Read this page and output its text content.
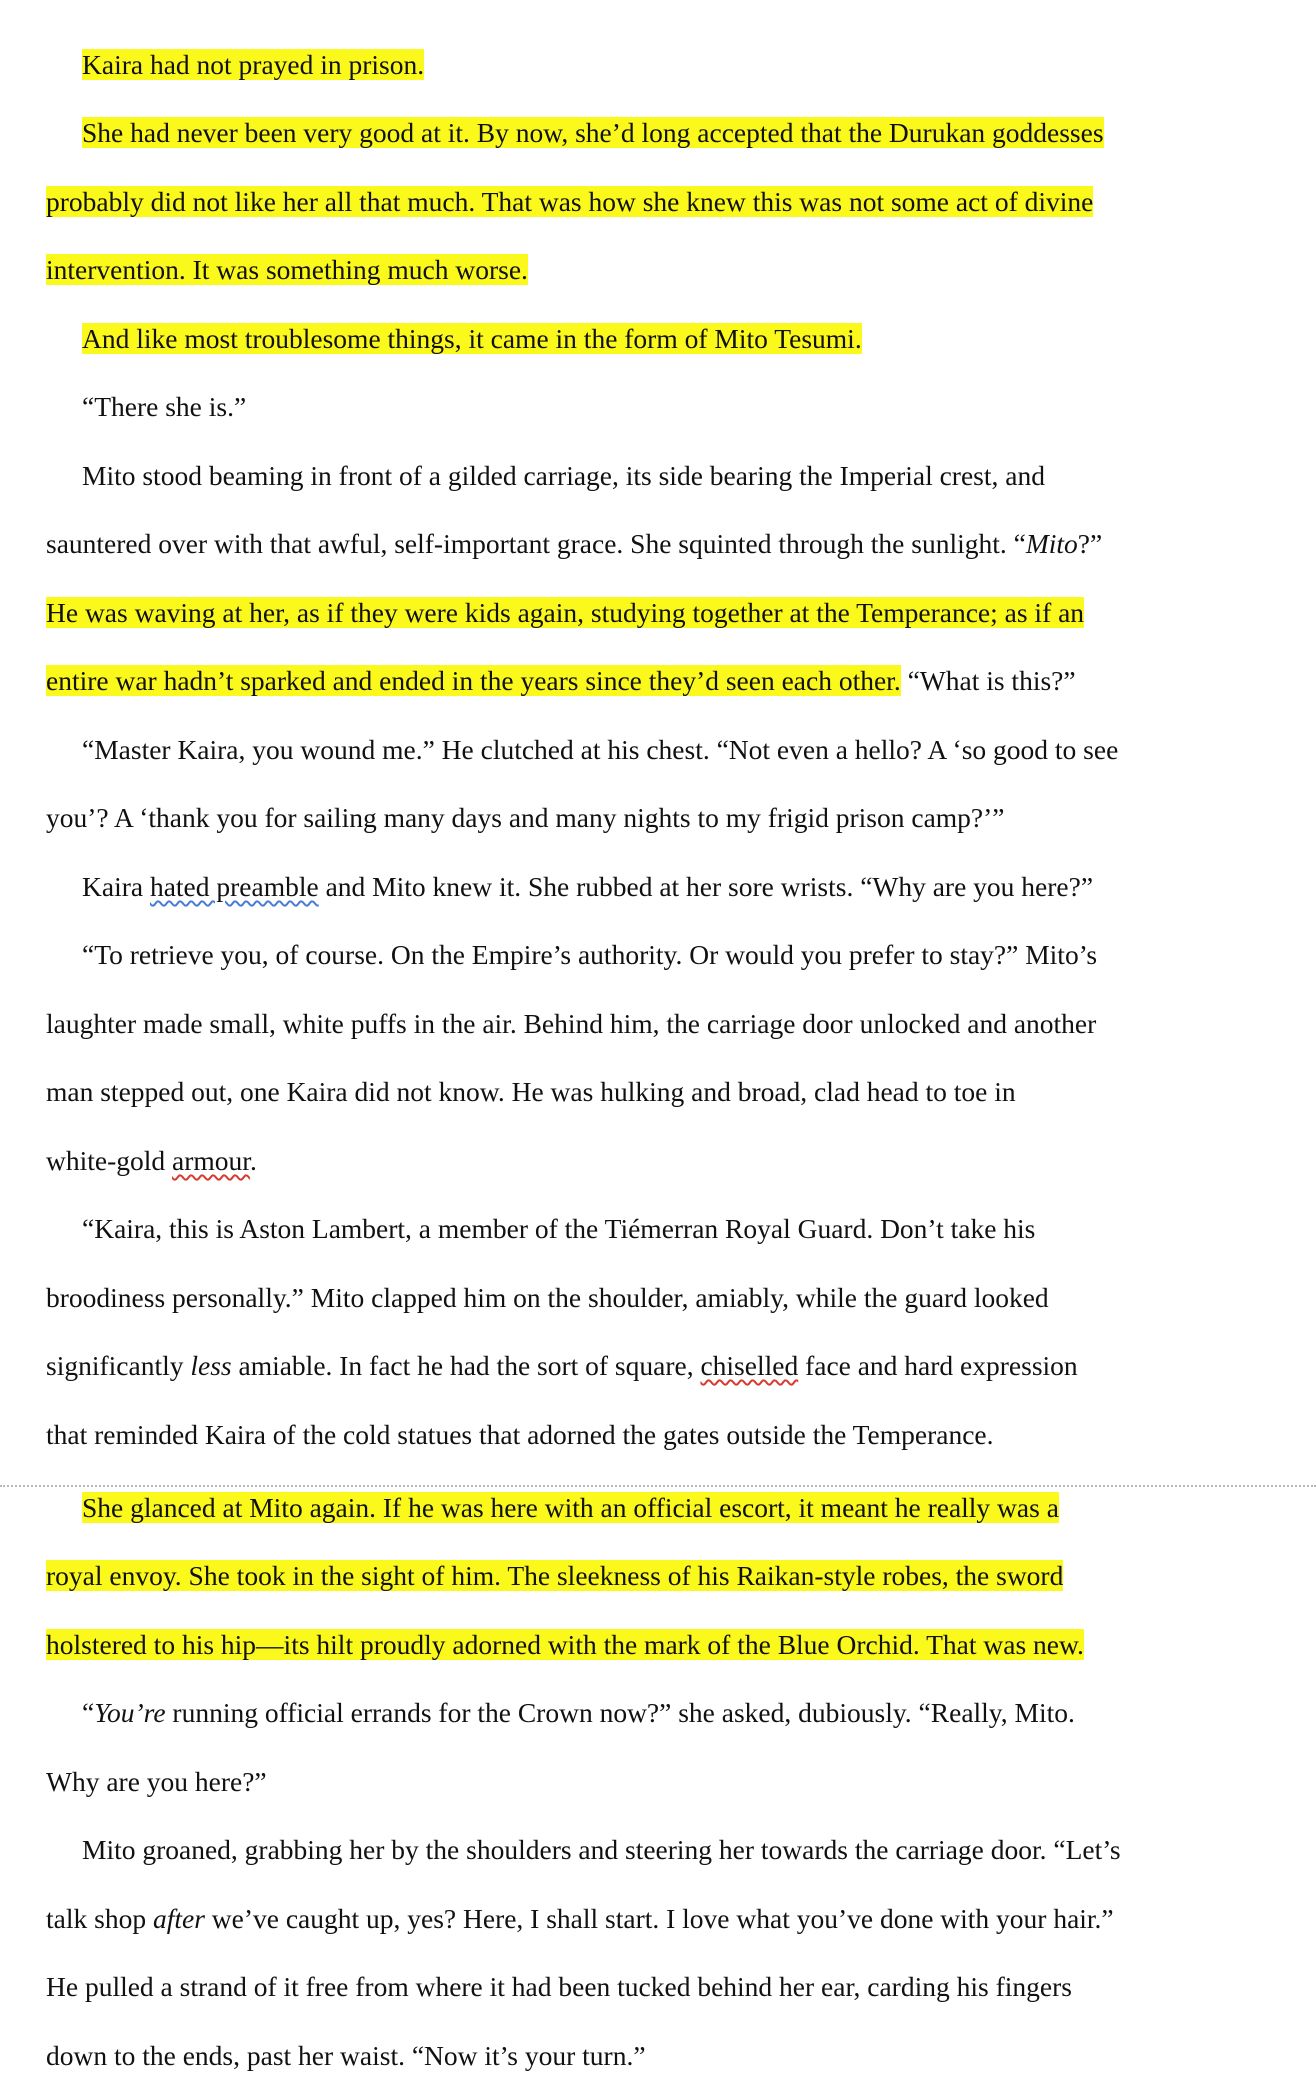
Kaira had not prayed in prison.
She had never been very good at it. By now, she’d long accepted that the Durukan goddesses
probably did not like her all that much. That was how she knew this was not some act of divine
intervention. It was something much worse.
And like most troublesome things, it came in the form of Mito Tesumi.
“There she is.”
Mito stood beaming in front of a gilded carriage, its side bearing the Imperial crest, and
sauntered over with that awful, self-important grace. She squinted through the sunlight. “Mito?”
He was waving at her, as if they were kids again, studying together at the Temperance; as if an
entire war hadn’t sparked and ended in the years since they’d seen each other. “What is this?”
“Master Kaira, you wound me.” He clutched at his chest. “Not even a hello? A ‘so good to see
you’? A ‘thank you for sailing many days and many nights to my frigid prison camp?’”
Kaira hated preamble and Mito knew it. She rubbed at her sore wrists. “Why are you here?”
“To retrieve you, of course. On the Empire’s authority. Or would you prefer to stay?” Mito’s
laughter made small, white puffs in the air. Behind him, the carriage door unlocked and another
man stepped out, one Kaira did not know. He was hulking and broad, clad head to toe in
white-gold armour.
“Kaira, this is Aston Lambert, a member of the Tiémerran Royal Guard. Don’t take his
broodiness personally.” Mito clapped him on the shoulder, amiably, while the guard looked
significantly less amiable. In fact he had the sort of square, chiselled face and hard expression
that reminded Kaira of the cold statues that adorned the gates outside the Temperance.
She glanced at Mito again. If he was here with an official escort, it meant he really was a
royal envoy. She took in the sight of him. The sleekness of his Raikan-style robes, the sword
holstered to his hip—its hilt proudly adorned with the mark of the Blue Orchid. That was new.
“You’re running official errands for the Crown now?” she asked, dubiously. “Really, Mito.
Why are you here?”
Mito groaned, grabbing her by the shoulders and steering her towards the carriage door. “Let’s
talk shop after we’ve caught up, yes? Here, I shall start. I love what you’ve done with your hair.”
He pulled a strand of it free from where it had been tucked behind her ear, carding his fingers
down to the ends, past her waist. “Now it’s your turn.”
